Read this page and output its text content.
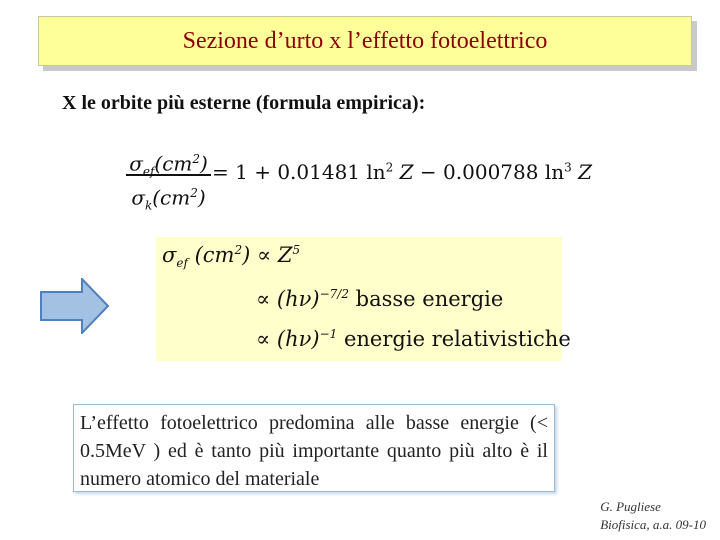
Sezione d’urto x l’effetto fotoelettrico
X le orbite più esterne (formula empirica):
$\sigma_{ef}(cm^2)$
$\sigma_k(cm^2)$
= 1 + 0.01481 $\ln^2 Z - 0.000788$ $\ln^3 Z$
$\sigma_{ef}$ $(cm^2) \propto Z^5$
∝ $(h\nu)^{-7/2}$ basse energie
∝ $(h\nu)^{-1}$ energie relativistiche
L’effetto fotoelettrico predomina alle basse energie (< 0.5MeV ) ed è tanto più importante quanto più alto è il numero atomico del materiale
G. Pugliese
Biofisica, a.a. 09-10
